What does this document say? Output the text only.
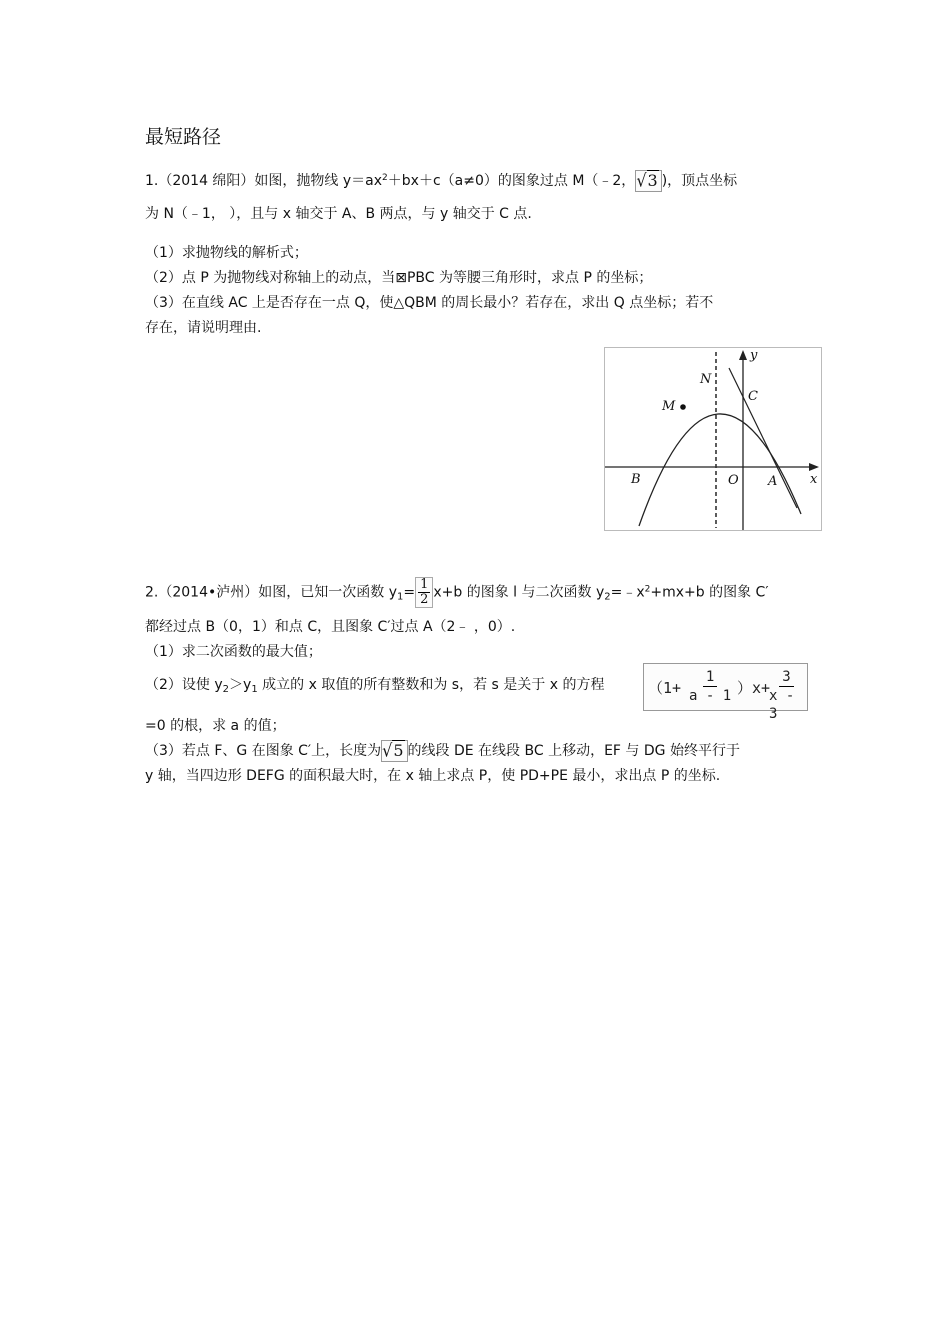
最短路径
1.（2014 绵阳）如图，抛物线 $y=ax^2+bx+c(a\ne 0)$的图象过点 M（﹣2，√3 )，顶点坐标
为 N（﹣1， ），且与 x 轴交于 A、B 两点，与 y 轴交于 C 点.
（1）求抛物线的解析式；
（2）点 P 为抛物线对称轴上的动点，当⊠PBC 为等腰三角形时，求点 P 的坐标；
（3）在直线 AC 上是否存在一点 Q，使△QBM 的周长最小？若存在，求出 Q 点坐标；若不
存在，请说明理由.
B	O A
M
N
C
x
y
2.（2014•泸州）如图，已知一次函数 $y_1= \frac{1}{2} x+b$ 的图象 l 与二次函数 $y_2=﹣x^2+mx+b$ 的图象 C′
都经过点 B（0，1）和点 C，且图象 C′过点 A（2﹣ ，0）.
（1）求二次函数的最大值；
（2）设使 $y_2>y_1$ 成立的 x 取值的所有整数和为 s，若 s 是关于 x 的方程	（1+
1
a - 1 ）x+
3
x - 3
=0 的根，求 a 的值；
（3）若点 F、G 在图象 C′上，长度为√5 的线段 DE 在线段 BC 上移动，EF 与 DG 始终平行于
y 轴，当四边形 DEFG 的面积最大时，在 x 轴上求点 P，使 PD+PE 最小，求出点 P 的坐标.
